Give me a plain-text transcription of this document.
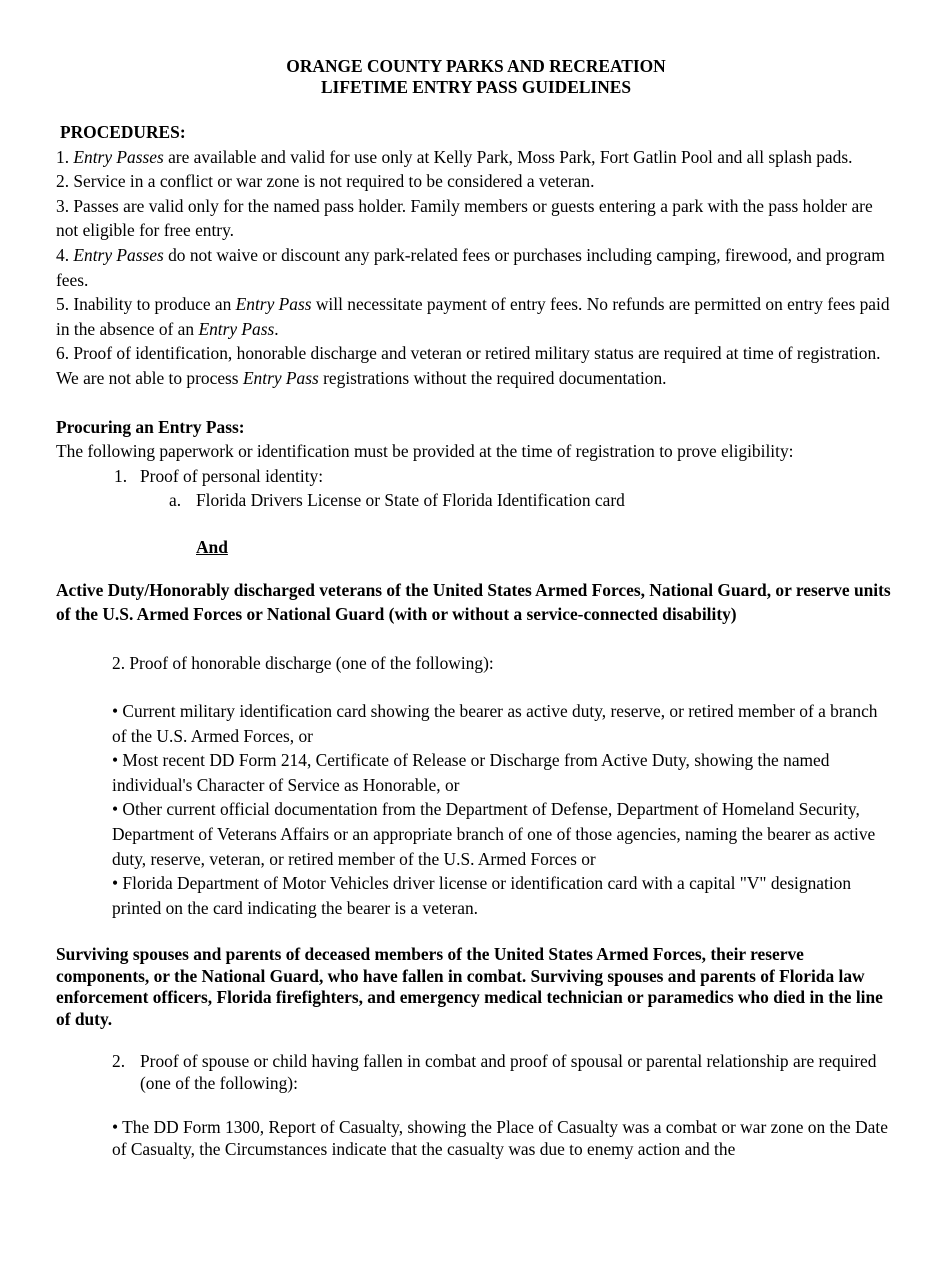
ORANGE COUNTY PARKS AND RECREATION

LIFETIME ENTRY PASS GUIDELINES

PROCEDURES:

1. Entry Passes are available and valid for use only at Kelly Park, Moss Park, Fort Gatlin Pool and all splash pads.

2. Service in a conflict or war zone is not required to be considered a veteran.

3. Passes are valid only for the named pass holder. Family members or guests entering a park with the pass holder are not eligible for free entry.

4. Entry Passes do not waive or discount any park-related fees or purchases including camping, firewood, and program fees.

5. Inability to produce an Entry Pass will necessitate payment of entry fees. No refunds are permitted on entry fees paid in the absence of an Entry Pass.

6. Proof of identification, honorable discharge and veteran or retired military status are required at time of registration. We are not able to process Entry Pass registrations without the required documentation.

Procuring an Entry Pass:

The following paperwork or identification must be provided at the time of registration to prove eligibility:

1. Proof of personal identity:

a. Florida Drivers License or State of Florida Identification card

And

Active Duty/Honorably discharged veterans of the United States Armed Forces, National Guard, or reserve units of the U.S. Armed Forces or National Guard (with or without a service-connected disability)

2. Proof of honorable discharge (one of the following):

• Current military identification card showing the bearer as active duty, reserve, or retired member of a branch of the U.S. Armed Forces, or

• Most recent DD Form 214, Certificate of Release or Discharge from Active Duty, showing the named individual's Character of Service as Honorable, or

• Other current official documentation from the Department of Defense, Department of Homeland Security, Department of Veterans Affairs or an appropriate branch of one of those agencies, naming the bearer as active duty, reserve, veteran, or retired member of the U.S. Armed Forces or

• Florida Department of Motor Vehicles driver license or identification card with a capital "V" designation printed on the card indicating the bearer is a veteran.

Surviving spouses and parents of deceased members of the United States Armed Forces, their reserve components, or the National Guard, who have fallen in combat. Surviving spouses and parents of Florida law enforcement officers, Florida firefighters, and emergency medical technician or paramedics who died in the line of duty.

2. Proof of spouse or child having fallen in combat and proof of spousal or parental relationship are required (one of the following):

• The DD Form 1300, Report of Casualty, showing the Place of Casualty was a combat or war zone on the Date of Casualty, the Circumstances indicate that the casualty was due to enemy action and the
